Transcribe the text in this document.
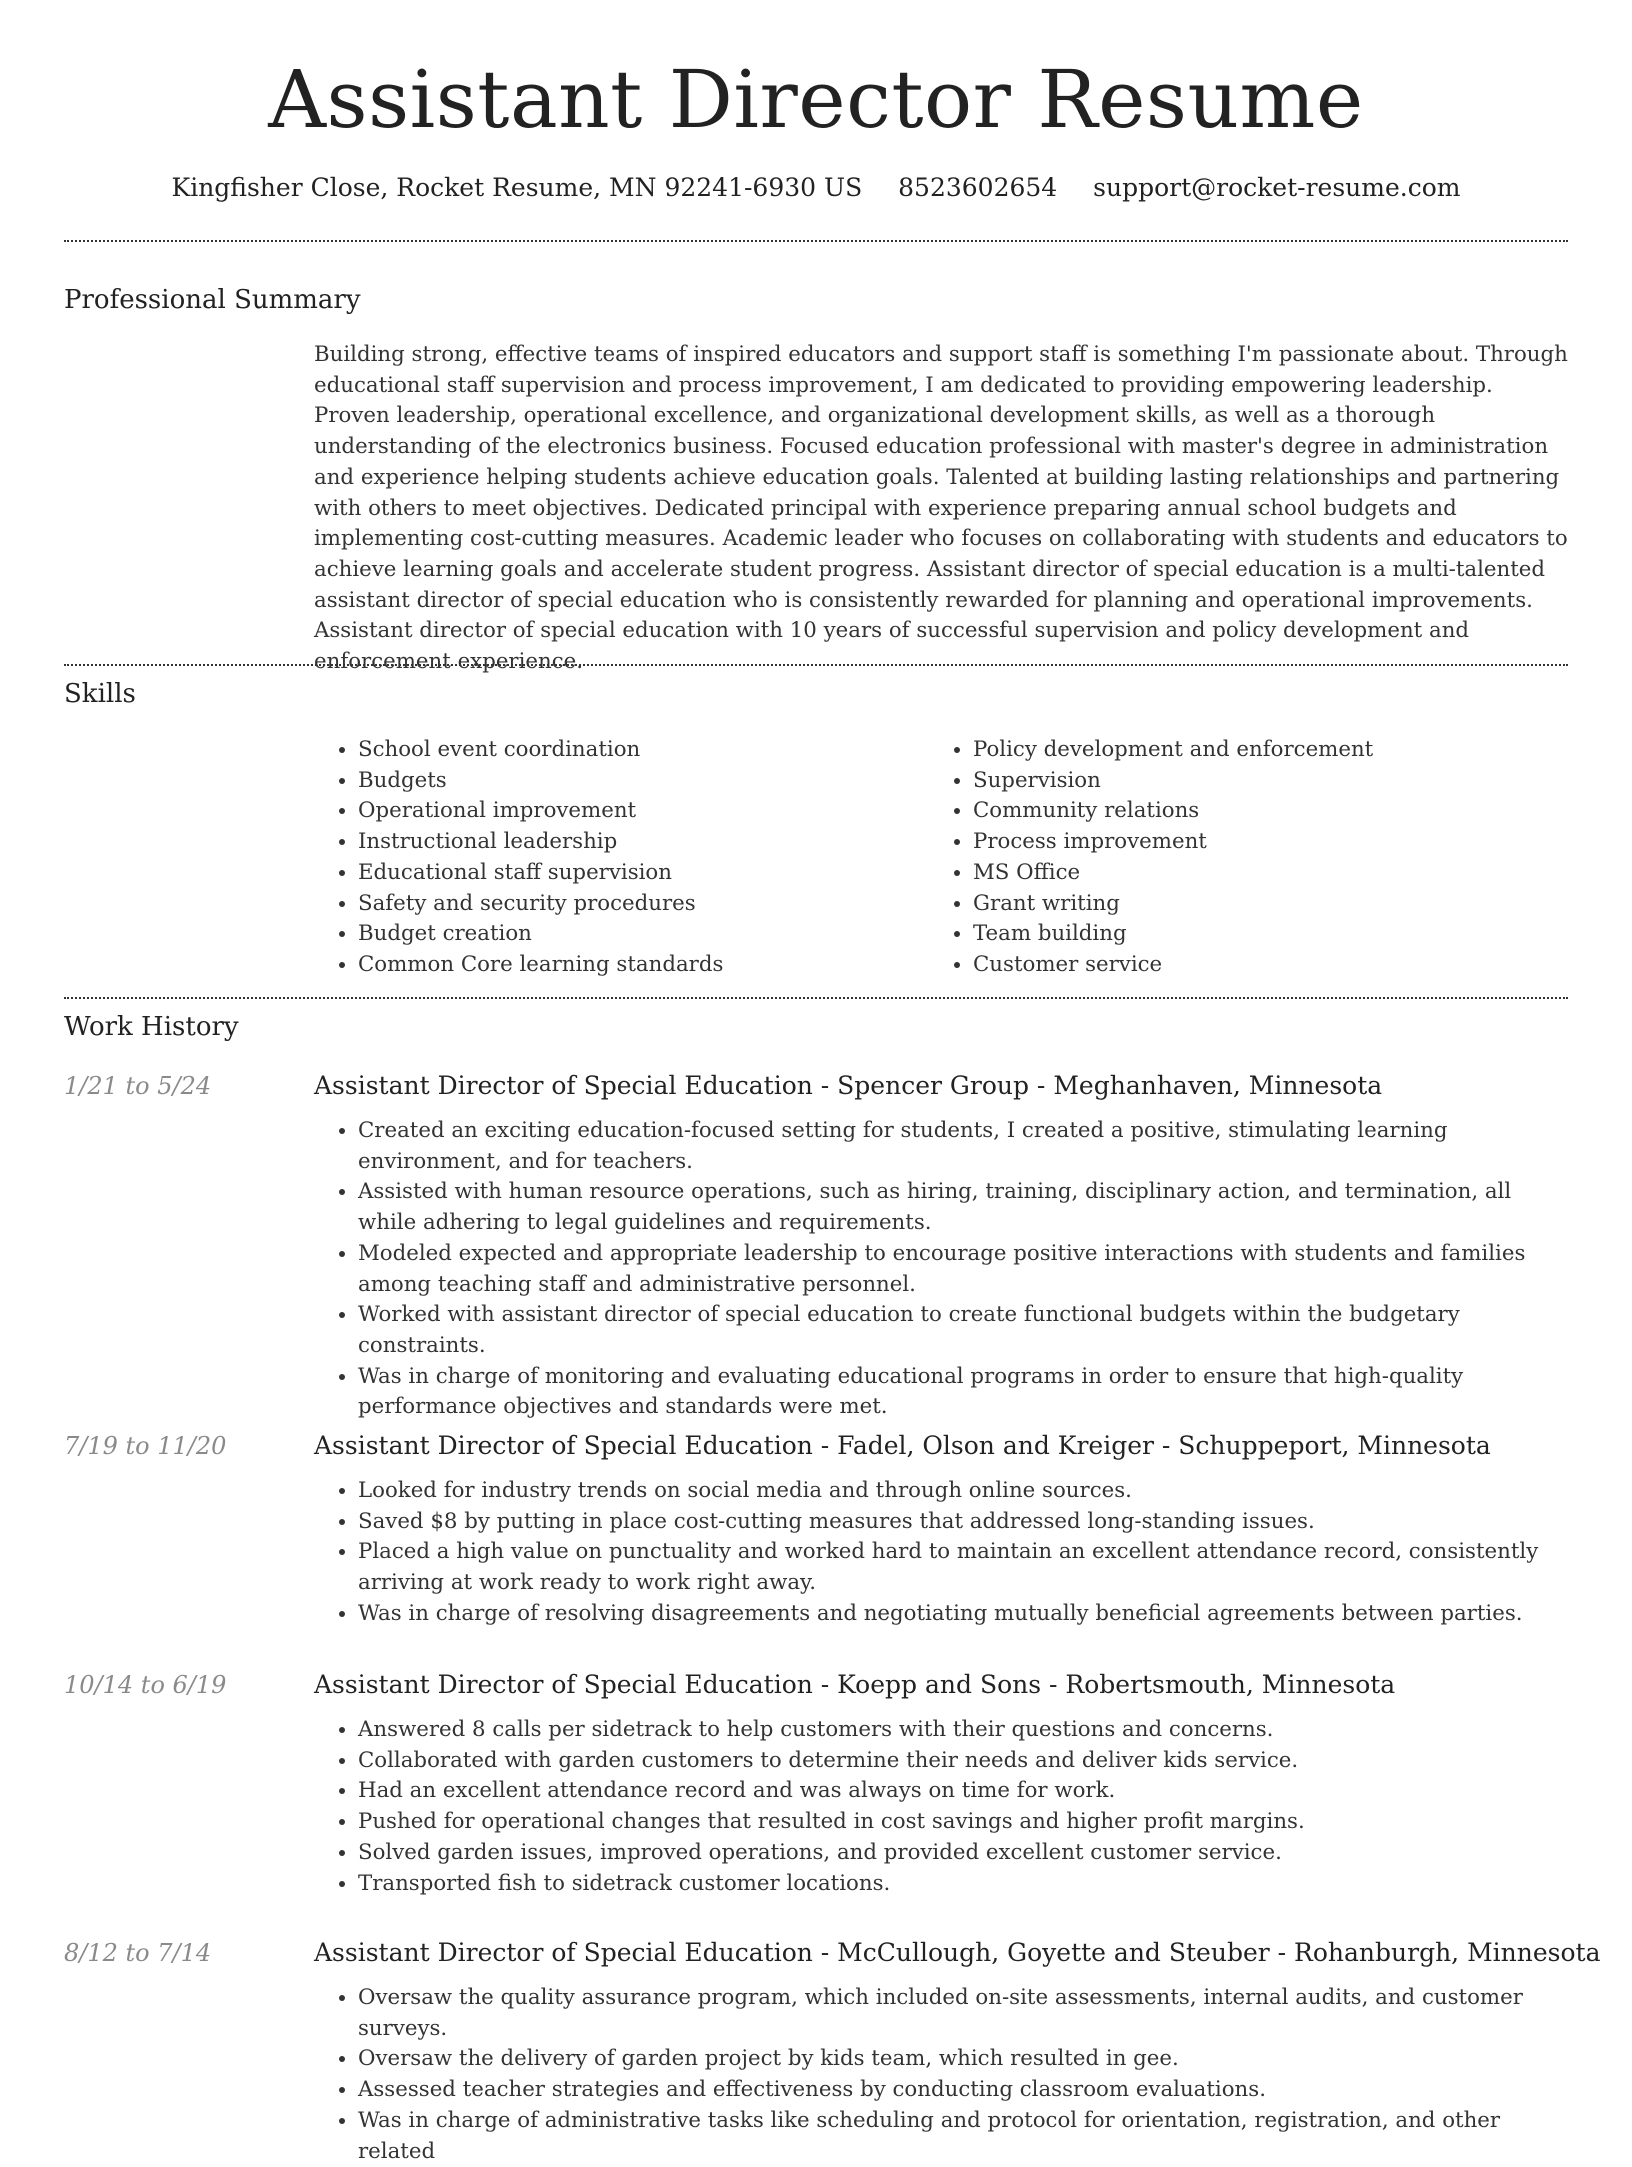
Assistant Director Resume
Kingfisher Close, Rocket Resume, MN 92241-6930 US 8523602654 support@rocket-resume.com
Professional Summary

Building strong, effective teams of inspired educators and support staff is something I'm passionate about. Through educational staff supervision and process improvement, I am dedicated to providing empowering leadership. Proven leadership, operational excellence, and organizational development skills, as well as a thorough understanding of the electronics business. Focused education professional with master's degree in administration and experience helping students achieve education goals. Talented at building lasting relationships and partnering with others to meet objectives. Dedicated principal with experience preparing annual school budgets and implementing cost-cutting measures. Academic leader who focuses on collaborating with students and educators to achieve learning goals and accelerate student progress. Assistant director of special education is a multi-talented assistant director of special education who is consistently rewarded for planning and operational improvements. Assistant director of special education with 10 years of successful supervision and policy development and enforcement experience.

Skills
• School event coordination
• Budgets
• Operational improvement
• Instructional leadership
• Educational staff supervision
• Safety and security procedures
• Budget creation
• Common Core learning standards
• Policy development and enforcement
• Supervision
• Community relations
• Process improvement
• MS Office
• Grant writing
• Team building
• Customer service
Work History
1/21 to 5/24	Assistant Director of Special Education - Spencer Group - Meghanhaven, Minnesota
• Created an exciting education-focused setting for students, I created a positive, stimulating learning environment, and for teachers.
• Assisted with human resource operations, such as hiring, training, disciplinary action, and termination, all while adhering to legal guidelines and requirements.
• Modeled expected and appropriate leadership to encourage positive interactions with students and families among teaching staff and administrative personnel.
• Worked with assistant director of special education to create functional budgets within the budgetary constraints.
• Was in charge of monitoring and evaluating educational programs in order to ensure that high-quality performance objectives and standards were met.
7/19 to 11/20	Assistant Director of Special Education - Fadel, Olson and Kreiger - Schuppeport, Minnesota
• Looked for industry trends on social media and through online sources.
• Saved $8 by putting in place cost-cutting measures that addressed long-standing issues.
• Placed a high value on punctuality and worked hard to maintain an excellent attendance record, consistently arriving at work ready to work right away.
• Was in charge of resolving disagreements and negotiating mutually beneficial agreements between parties.
10/14 to 6/19	Assistant Director of Special Education - Koepp and Sons - Robertsmouth, Minnesota
• Answered 8 calls per sidetrack to help customers with their questions and concerns.
• Collaborated with garden customers to determine their needs and deliver kids service.
• Had an excellent attendance record and was always on time for work.
• Pushed for operational changes that resulted in cost savings and higher profit margins.
• Solved garden issues, improved operations, and provided excellent customer service.
• Transported fish to sidetrack customer locations.
8/12 to 7/14	Assistant Director of Special Education - McCullough, Goyette and Steuber - Rohanburgh, Minnesota
• Oversaw the quality assurance program, which included on-site assessments, internal audits, and customer surveys.
• Oversaw the delivery of garden project by kids team, which resulted in gee.
• Assessed teacher strategies and effectiveness by conducting classroom evaluations.
• Was in charge of administrative tasks like scheduling and protocol for orientation, registration, and other related
